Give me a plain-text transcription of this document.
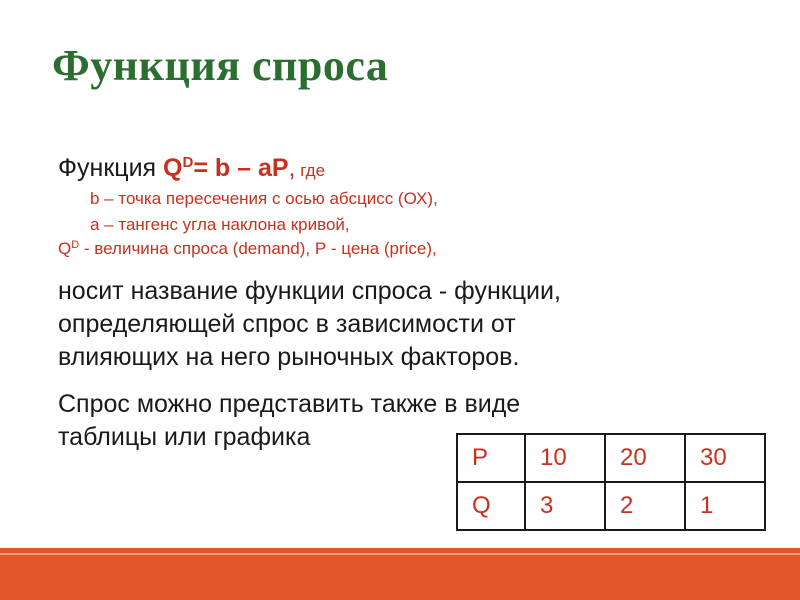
Функция спроса
Функция $Q^D= b$ – aP, где
b – точка пересечения с осью абсцисс (ОХ),
а – тангенс угла наклона кривой,
$Q^D$ - величина спроса (demand), Р - цена (price),
носит название функции спроса - функции,
определяющей спрос в зависимости от
влияющих на него рыночных факторов.
Спрос можно представить также в виде
таблицы или графика
P	10	20	30
Q	3	2	1
